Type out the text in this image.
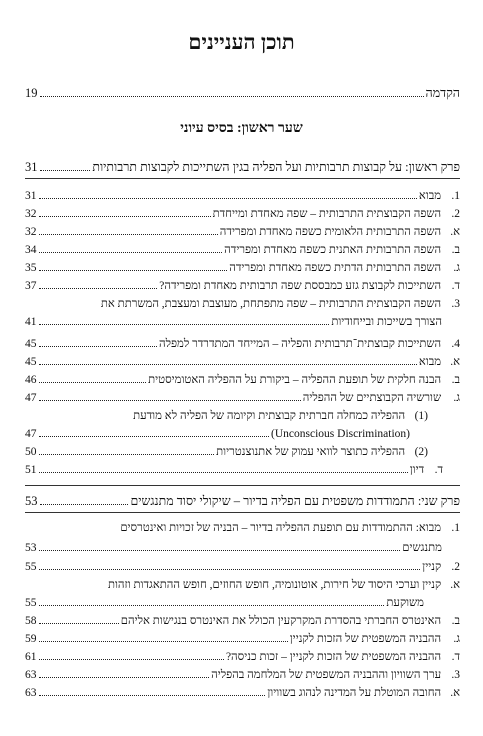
תוכן העניינים
הקדמה
19
שער ראשון: בסיס עיוני
פרק ראשון: על קבוצות תרבותיות ועל הפליה בגין השתייכות לקבוצות תרבותיות
31
1.

מבוא
31
2.

השפה הקבוצתית התרבותית – שפה מאחדת ומייחדת
32
א.

השפה התרבותית הלאומית כשפה מאחדת ומפרידה
32
ב.

השפה התרבותית האתנית כשפה מאחדת ומפרידה
34
ג.

השפה התרבותית הדתית כשפה מאחדת ומפרידה
35
ד.

השתייכות לקבוצת גזע כמבססת שפה תרבותית מאחדת ומפרידה?
37
3.

השפה הקבוצתית התרבותית – שפה מתפתחת, מעוצבת ומעצבת, המשרתת את
הצורך בשייכות ובייחודיות
41
4.

השתייכות קבוצתית־תרבותית והפליה – המייחד המתדרדר למפלה
45
א.

מבוא
45
ב.

הבנה חלקית של תופעת ההפליה – ביקורת על ההפליה האטומיסטית
46
ג.

שורשיה הקבוצתיים של ההפליה
47
(1)

ההפליה כמחלה חברתית קבוצתית וקיומה של הפליה לא מודעת
(Unconscious Discrimination)
47
(2)

ההפליה כתוצר לוואי עמוק של אתנוצנטריות
50
ד.

דיון
51
פרק שני: התמודדות משפטית עם הפליה בדיור – שיקולי יסוד מתנגשים
53
1.

מבוא: ההתמודדות עם תופעת ההפליה בדיור – הבניה של זכויות ואינטרסים
מתנגשים
53
2.

קניין
55
א.

קניין וערכי היסוד של חירות, אוטונומיה, חופש החוזים, חופש ההתאגדות וזהות
משוקעת
55
ב.

האינטרס החברתי בהסדרת המקרקעין הכולל את האינטרס בנגישות אליהם
58
ג.

ההבניה המשפטית של הזכות לקניין
59
ד.

ההבניה המשפטית של הזכות לקניין – זכות כניסה?
61
3.

ערך השוויון וההבניה המשפטית של המלחמה בהפליה
63
א.

החובה המוטלת על המדינה לנהוג בשוויון
63
